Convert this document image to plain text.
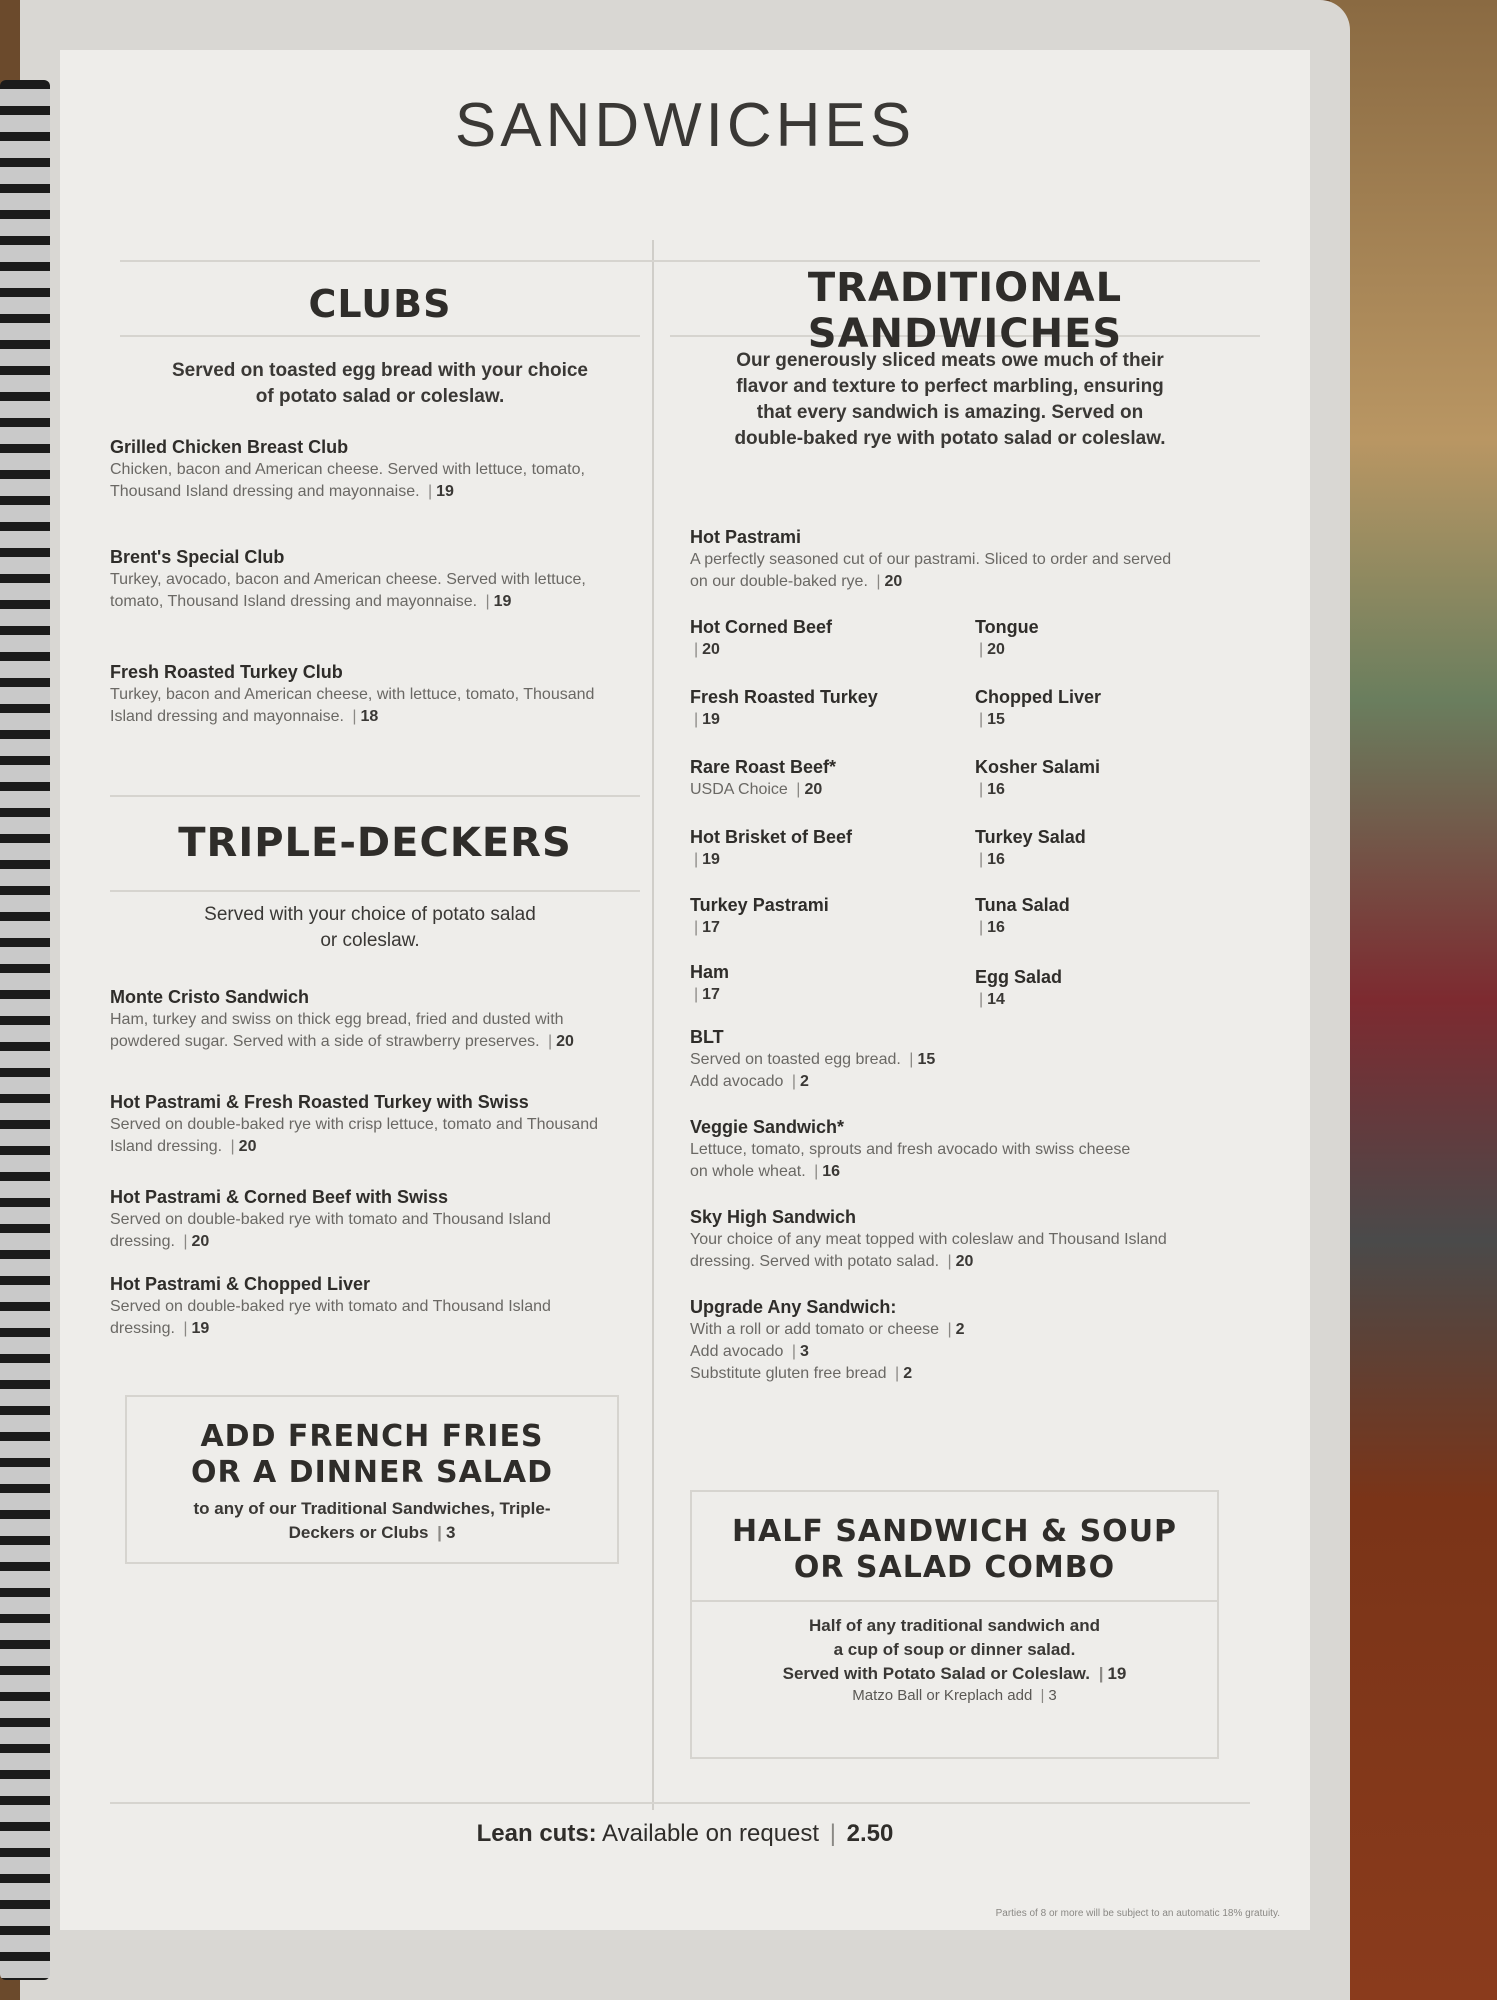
SANDWICHES
CLUBS
Served on toasted egg bread with your choice of potato salad or coleslaw.
Grilled Chicken Breast Club
Chicken, bacon and American cheese. Served with lettuce, tomato, Thousand Island dressing and mayonnaise. | 19
Brent's Special Club
Turkey, avocado, bacon and American cheese. Served with lettuce, tomato, Thousand Island dressing and mayonnaise. | 19
Fresh Roasted Turkey Club
Turkey, bacon and American cheese, with lettuce, tomato, Thousand Island dressing and mayonnaise. | 18
TRIPLE-DECKERS
Served with your choice of potato salad or coleslaw.
Monte Cristo Sandwich
Ham, turkey and swiss on thick egg bread, fried and dusted with powdered sugar. Served with a side of strawberry preserves. | 20
Hot Pastrami & Fresh Roasted Turkey with Swiss
Served on double-baked rye with crisp lettuce, tomato and Thousand Island dressing. | 20
Hot Pastrami & Corned Beef with Swiss
Served on double-baked rye with tomato and Thousand Island dressing. | 20
Hot Pastrami & Chopped Liver
Served on double-baked rye with tomato and Thousand Island dressing. | 19
ADD FRENCH FRIES
OR A DINNER SALAD
to any of our Traditional Sandwiches, Triple-Deckers or Clubs | 3
TRADITIONAL SANDWICHES
Our generously sliced meats owe much of their flavor and texture to perfect marbling, ensuring that every sandwich is amazing. Served on double-baked rye with potato salad or coleslaw.
Hot Pastrami
A perfectly seasoned cut of our pastrami. Sliced to order and served on our double-baked rye. | 20
Hot Corned Beef
| 20
Fresh Roasted Turkey
| 19
Rare Roast Beef*
USDA Choice | 20
Hot Brisket of Beef
| 19
Turkey Pastrami
| 17
Ham
| 17
Tongue
| 20
Chopped Liver
| 15
Kosher Salami
| 16
Turkey Salad
| 16
Tuna Salad
| 16
Egg Salad
| 14
BLT
Served on toasted egg bread. | 15
Add avocado | 2
Veggie Sandwich*
Lettuce, tomato, sprouts and fresh avocado with swiss cheese on whole wheat. | 16
Sky High Sandwich
Your choice of any meat topped with coleslaw and Thousand Island dressing. Served with potato salad. | 20
Upgrade Any Sandwich:
With a roll or add tomato or cheese | 2
Add avocado | 3
Substitute gluten free bread | 2
HALF SANDWICH & SOUP
OR SALAD COMBO
Half of any traditional sandwich and
a cup of soup or dinner salad.
Served with Potato Salad or Coleslaw. | 19
Matzo Ball or Kreplach add | 3
Lean cuts: Available on request | 2.50
Parties of 8 or more will be subject to an automatic 18% gratuity.
